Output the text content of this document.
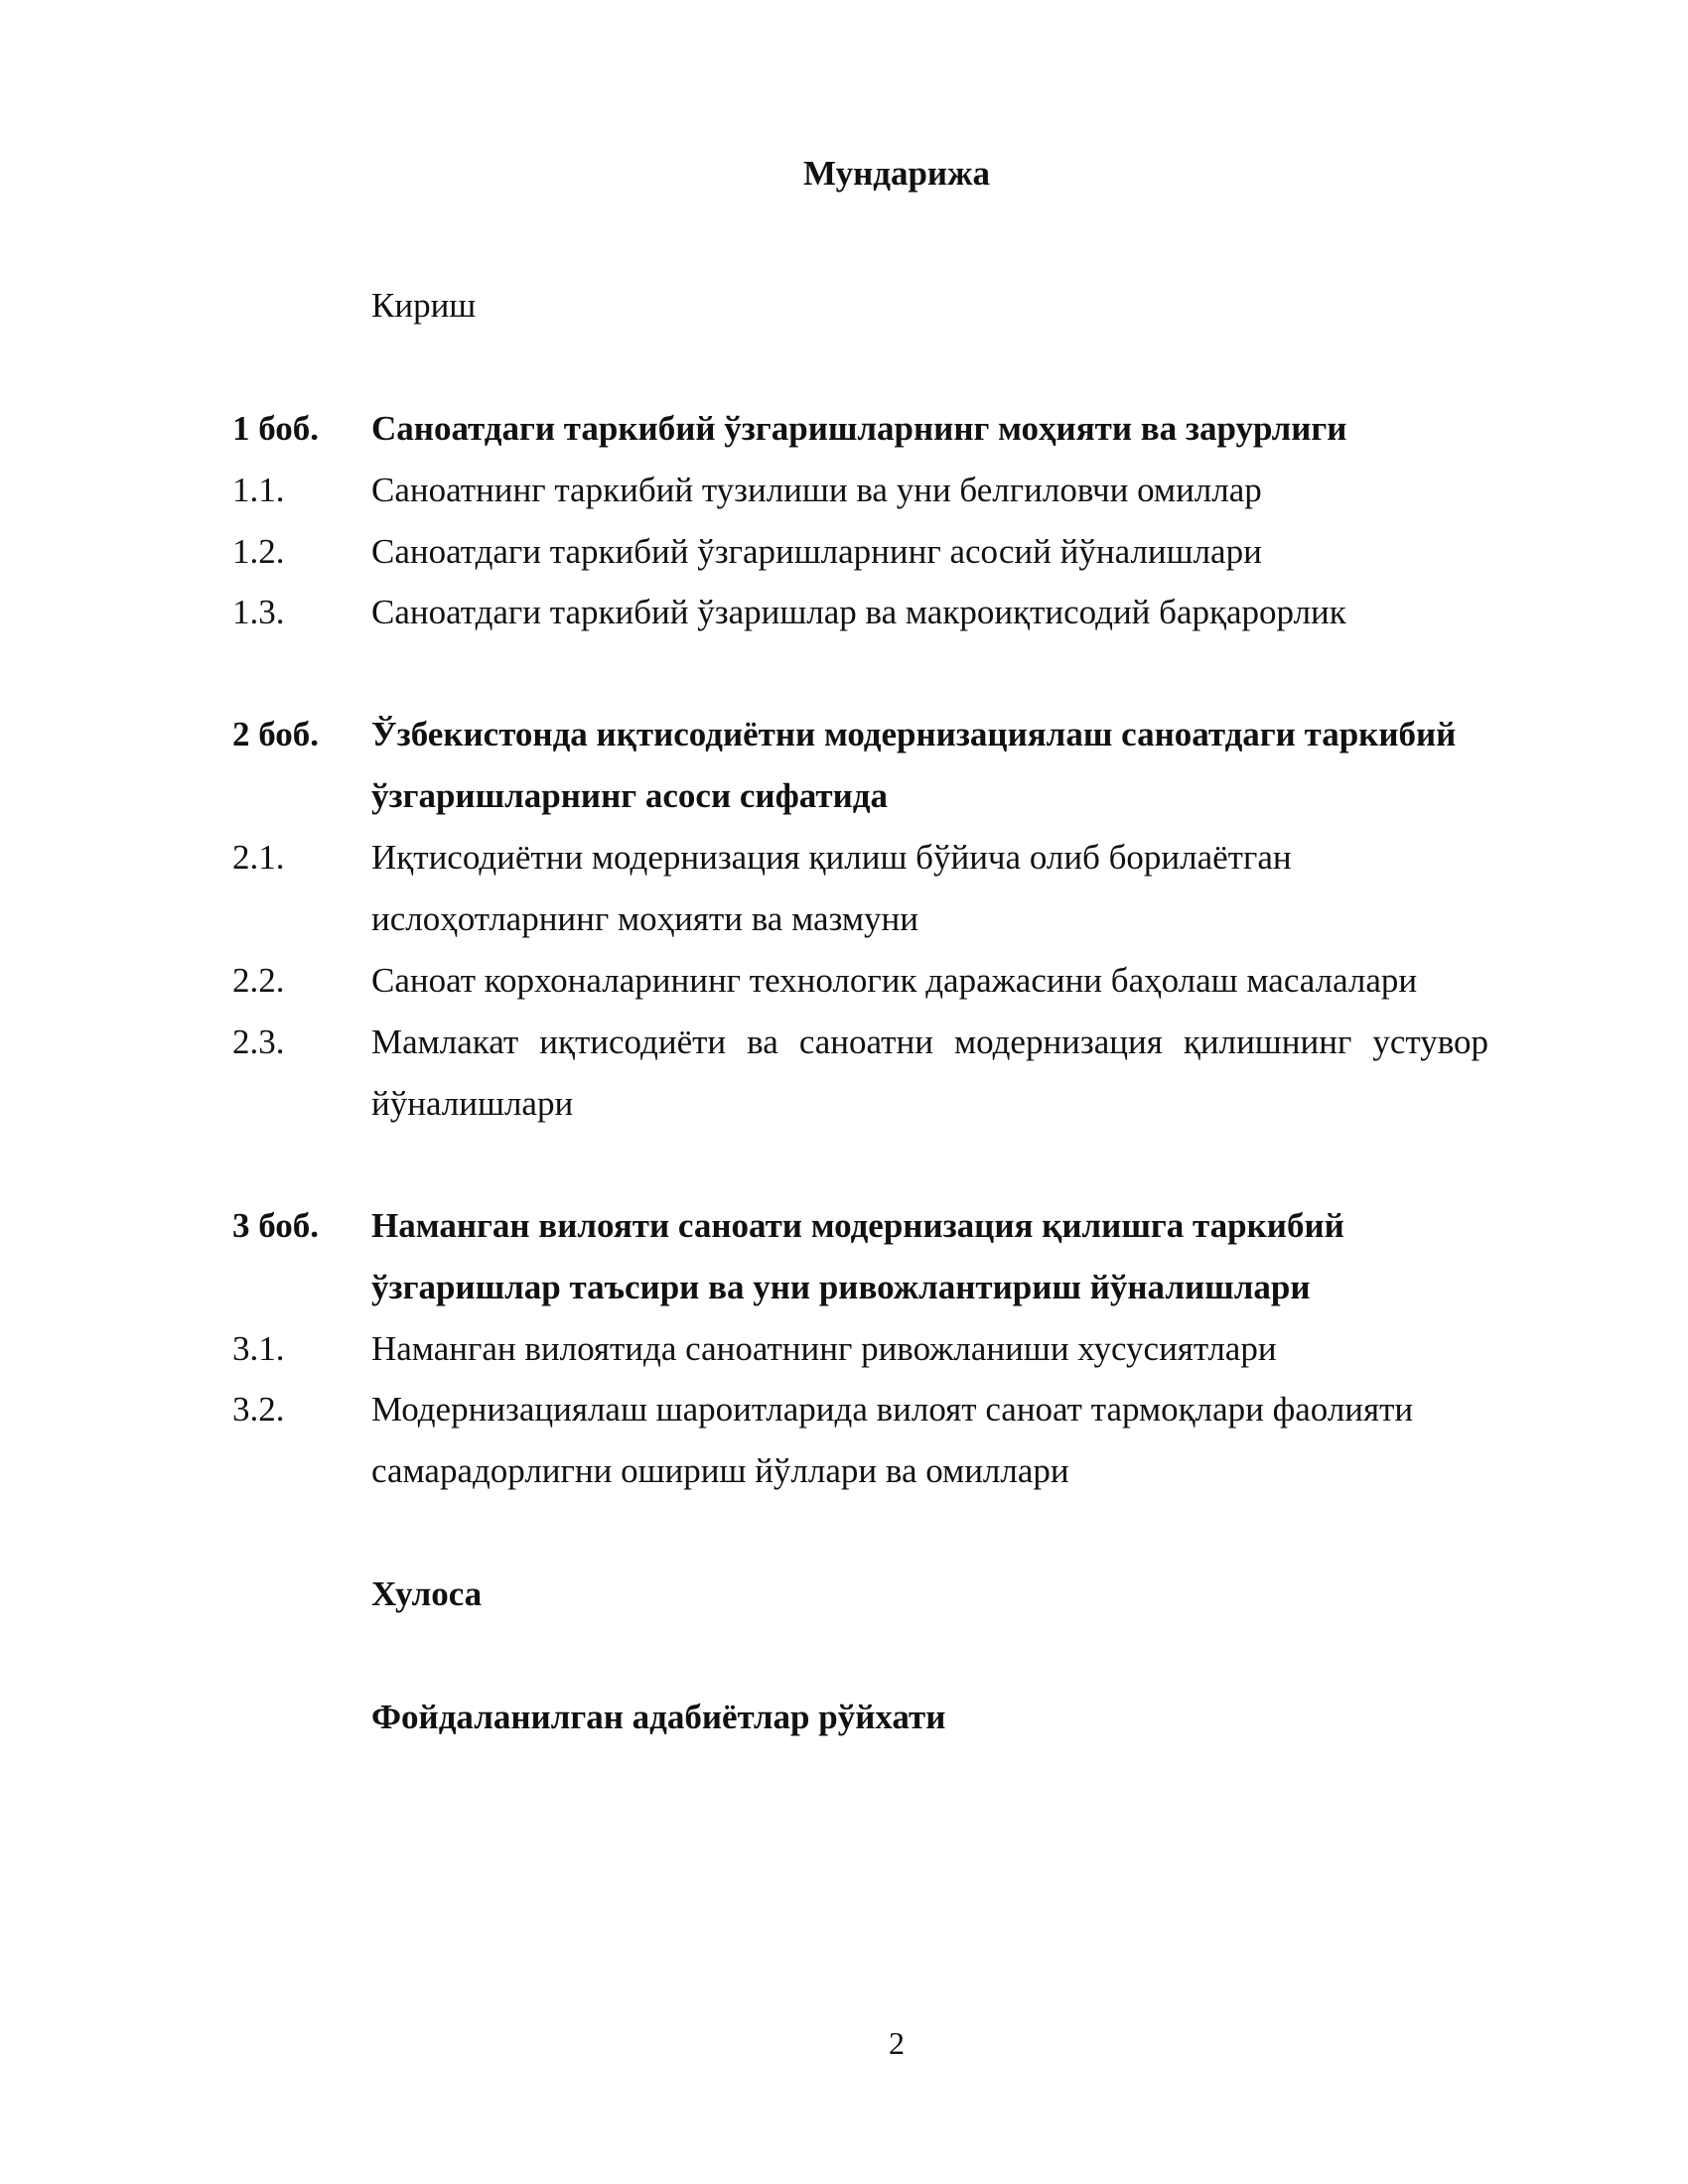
Мундарижа
Кириш
1 боб. Саноатдаги таркибий ўзгаришларнинг моҳияти ва зарурлиги
1.1.	Саноатнинг таркибий тузилиши ва уни белгиловчи омиллар
1.2.	Саноатдаги таркибий ўзгаришларнинг асосий йўналишлари
1.3.	Саноатдаги таркибий ўзаришлар ва макроиқтисодий барқарорлик
2 боб. Ўзбекистонда иқтисодиётни модернизациялаш саноатдаги таркибий
ўзгаришларнинг асоси сифатида
2.1.	Иқтисодиётни модернизация қилиш бўйича олиб борилаётган
ислоҳотларнинг моҳияти ва мазмуни
2.2.	Саноат корхоналарининг технологик даражасини баҳолаш масалалари
2.3.	Мамлакат иқтисодиёти ва саноатни модернизация қилишнинг устувор
йўналишлари
3 боб. Наманган вилояти саноати модернизация қилишга таркибий
ўзгаришлар таъсири ва уни ривожлантириш йўналишлари
3.1.	Наманган вилоятида саноатнинг ривожланиши хусусиятлари
3.2.	Модернизациялаш шароитларида вилоят саноат тармоқлари фаолияти
самарадорлигни ошириш йўллари ва омиллари
Хулоса
Фойдаланилган адабиётлар рўйхати
2
